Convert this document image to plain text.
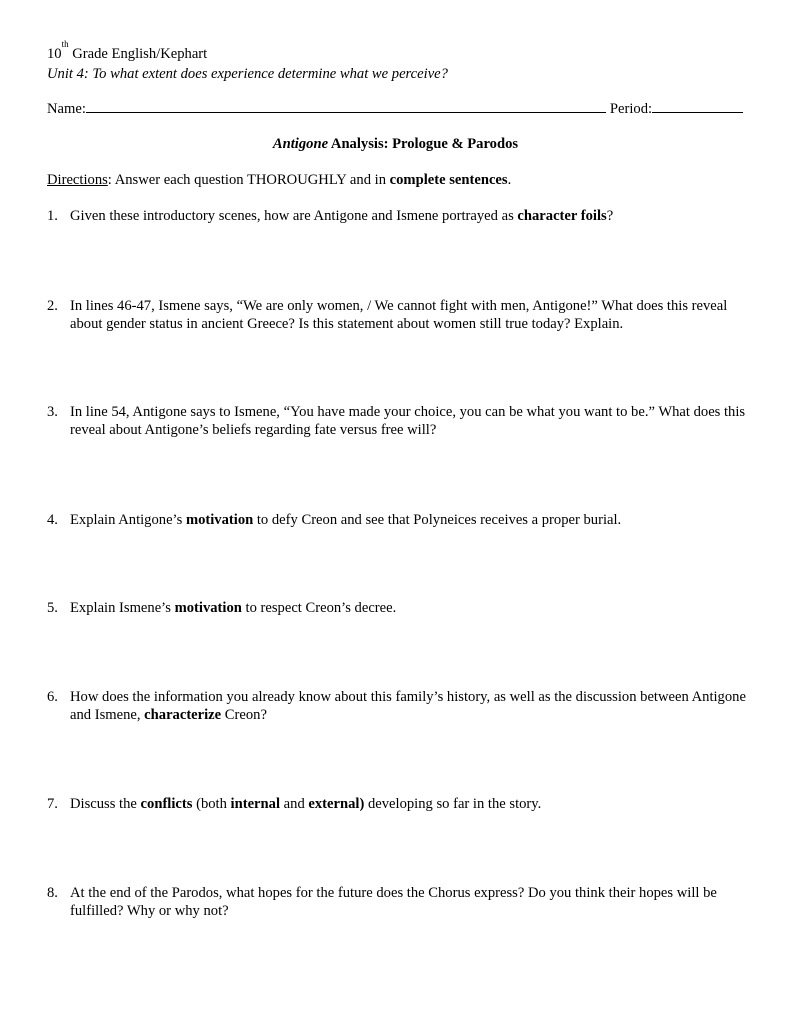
10th Grade English/Kephart
Unit 4: To what extent does experience determine what we perceive?
Name:	Period:
Antigone Analysis: Prologue & Parodos
Directions: Answer each question THOROUGHLY and in complete sentences.
1. Given these introductory scenes, how are Antigone and Ismene portrayed as character foils?
2. In lines 46-47, Ismene says, “We are only women, / We cannot fight with men, Antigone!” What does this reveal about gender status in ancient Greece? Is this statement about women still true today? Explain.
3. In line 54, Antigone says to Ismene, “You have made your choice, you can be what you want to be.” What does this reveal about Antigone’s beliefs regarding fate versus free will?
4. Explain Antigone’s motivation to defy Creon and see that Polyneices receives a proper burial.
5. Explain Ismene’s motivation to respect Creon’s decree.
6. How does the information you already know about this family’s history, as well as the discussion between Antigone and Ismene, characterize Creon?
7. Discuss the conflicts (both internal and external) developing so far in the story.
8. At the end of the Parodos, what hopes for the future does the Chorus express? Do you think their hopes will be fulfilled? Why or why not?
